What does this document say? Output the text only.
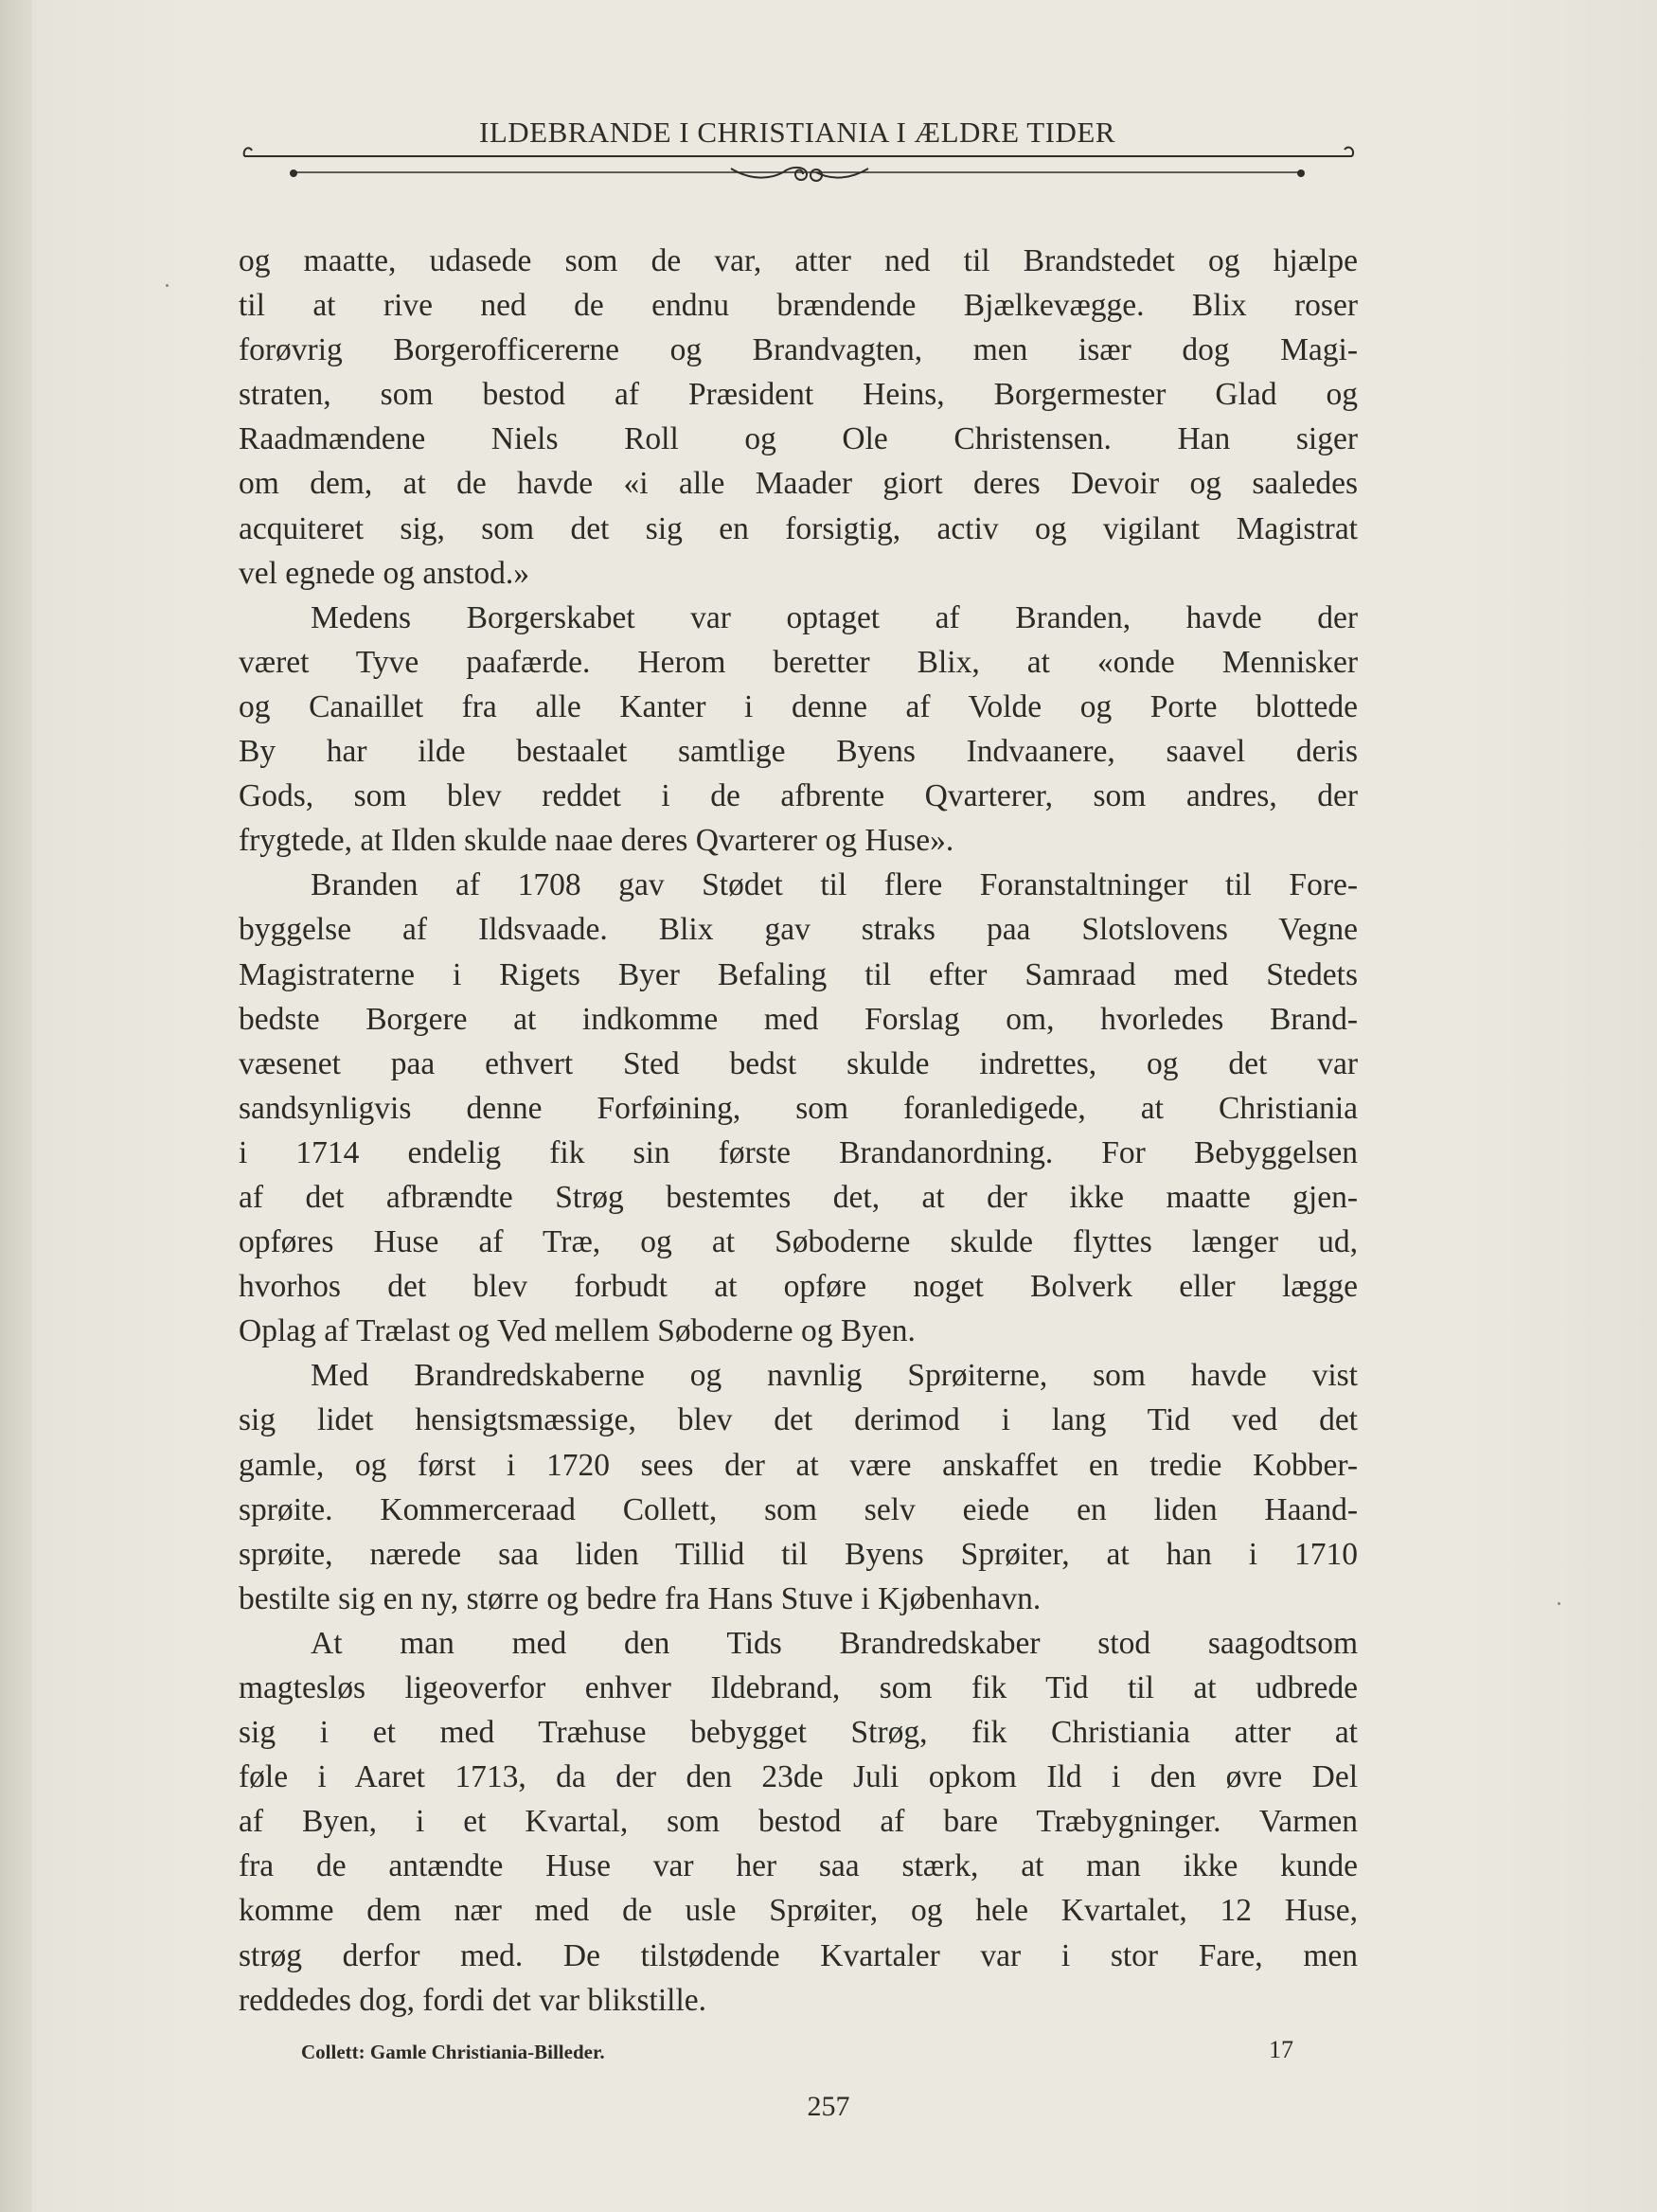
ILDEBRANDE I CHRISTIANIA I ÆLDRE TIDER
og maatte, udasede som de var, atter ned til Brandstedet og hjælpe
til at rive ned de endnu brændende Bjælkevægge. Blix roser
forøvrig Borgerofficererne og Brandvagten, men især dog Magi-
straten, som bestod af Præsident Heins, Borgermester Glad og
Raadmændene Niels Roll og Ole Christensen. Han siger
om dem, at de havde «i alle Maader giort deres Devoir og saaledes
acquiteret sig, som det sig en forsigtig, activ og vigilant Magistrat
vel egnede og anstod.»
Medens Borgerskabet var optaget af Branden, havde der
været Tyve paafærde. Herom beretter Blix, at «onde Mennisker
og Canaillet fra alle Kanter i denne af Volde og Porte blottede
By har ilde bestaalet samtlige Byens Indvaanere, saavel deris
Gods, som blev reddet i de afbrente Qvarterer, som andres, der
frygtede, at Ilden skulde naae deres Qvarterer og Huse».
Branden af 1708 gav Stødet til flere Foranstaltninger til Fore-
byggelse af Ildsvaade. Blix gav straks paa Slotslovens Vegne
Magistraterne i Rigets Byer Befaling til efter Samraad med Stedets
bedste Borgere at indkomme med Forslag om, hvorledes Brand-
væsenet paa ethvert Sted bedst skulde indrettes, og det var
sandsynligvis denne Forføining, som foranledigede, at Christiania
i 1714 endelig fik sin første Brandanordning. For Bebyggelsen
af det afbrændte Strøg bestemtes det, at der ikke maatte gjen-
opføres Huse af Træ, og at Søboderne skulde flyttes længer ud,
hvorhos det blev forbudt at opføre noget Bolverk eller lægge
Oplag af Trælast og Ved mellem Søboderne og Byen.
Med Brandredskaberne og navnlig Sprøiterne, som havde vist
sig lidet hensigtsmæssige, blev det derimod i lang Tid ved det
gamle, og først i 1720 sees der at være anskaffet en tredie Kobber-
sprøite. Kommerceraad Collett, som selv eiede en liden Haand-
sprøite, nærede saa liden Tillid til Byens Sprøiter, at han i 1710
bestilte sig en ny, større og bedre fra Hans Stuve i Kjøbenhavn.
At man med den Tids Brandredskaber stod saagodtsom
magtesløs ligeoverfor enhver Ildebrand, som fik Tid til at udbrede
sig i et med Træhuse bebygget Strøg, fik Christiania atter at
føle i Aaret 1713, da der den 23de Juli opkom Ild i den øvre Del
af Byen, i et Kvartal, som bestod af bare Træbygninger. Varmen
fra de antændte Huse var her saa stærk, at man ikke kunde
komme dem nær med de usle Sprøiter, og hele Kvartalet, 12 Huse,
strøg derfor med. De tilstødende Kvartaler var i stor Fare, men
reddedes dog, fordi det var blikstille.
Collett: Gamle Christiania-Billeder.	17
257
